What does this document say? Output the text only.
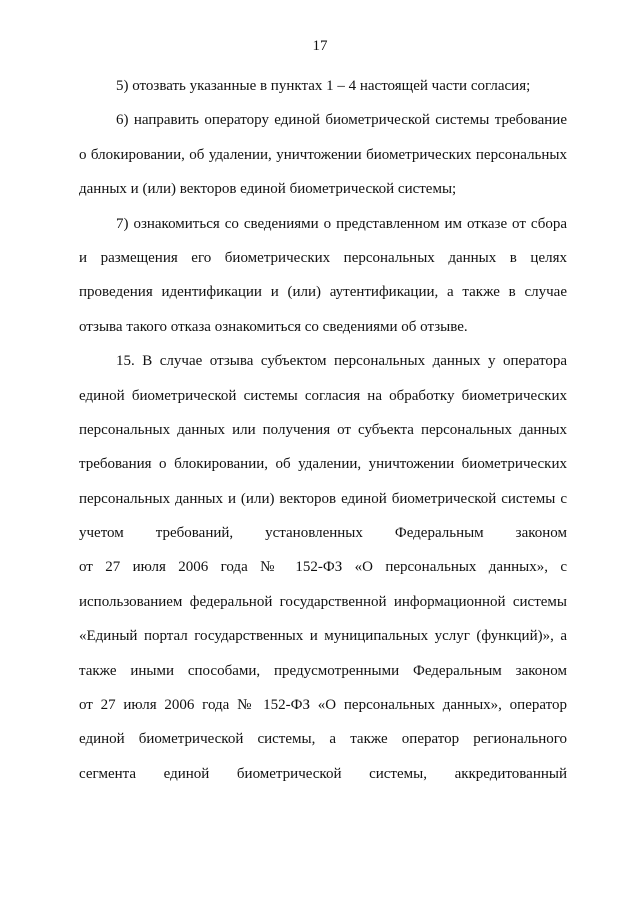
17
5) отозвать указанные в пунктах 1 – 4 настоящей части согласия;
6) направить оператору единой биометрической системы требование
о блокировании, об удалении, уничтожении биометрических персональных
данных и (или) векторов единой биометрической системы;
7) ознакомиться со сведениями о представленном им отказе от сбора
и размещения его биометрических персональных данных в целях
проведения идентификации и (или) аутентификации, а также в случае
отзыва такого отказа ознакомиться со сведениями об отзыве.
15. В случае отзыва субъектом персональных данных у оператора
единой биометрической системы согласия на обработку биометрических
персональных данных или получения от субъекта персональных данных
требования о блокировании, об удалении, уничтожении биометрических
персональных данных и (или) векторов единой биометрической системы с
учетом требований, установленных Федеральным законом
от 27 июля 2006 года № 152-ФЗ «О персональных данных», с
использованием федеральной государственной информационной системы
«Единый портал государственных и муниципальных услуг (функций)», а
также иными способами, предусмотренными Федеральным законом
от 27 июля 2006 года № 152-ФЗ «О персональных данных», оператор
единой биометрической системы, а также оператор регионального
сегмента единой биометрической системы, аккредитованный
